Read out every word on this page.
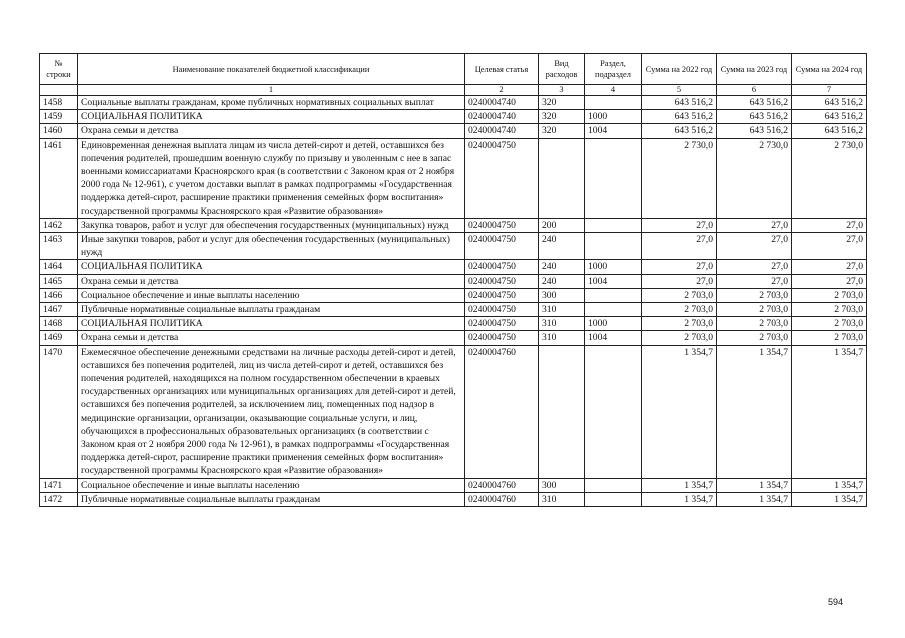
№ строки	Наименование показателей бюджетной классификации	Целевая статья	Вид расходов	Раздел, подраздел	Сумма на 2022 год	Сумма на 2023 год	Сумма на 2024 год
	1	2	3	4	5	6	7
1458	Социальные выплаты гражданам, кроме публичных нормативных социальных выплат	0240004740	320		643 516,2	643 516,2	643 516,2
1459	СОЦИАЛЬНАЯ ПОЛИТИКА	0240004740	320	1000	643 516,2	643 516,2	643 516,2
1460	Охрана семьи и детства	0240004740	320	1004	643 516,2	643 516,2	643 516,2
1461	Единовременная денежная выплата лицам из числа детей-сирот и детей, оставшихся без попечения родителей, прошедшим военную службу по призыву и уволенным с нее в запас военными комиссариатами Красноярского края (в соответствии с Законом края от 2 ноября 2000 года № 12-961), с учетом доставки выплат в рамках подпрограммы «Государственная поддержка детей-сирот, расширение практики применения семейных форм воспитания» государственной программы Красноярского края «Развитие образования»	0240004750			2 730,0	2 730,0	2 730,0
1462	Закупка товаров, работ и услуг для обеспечения государственных (муниципальных) нужд	0240004750	200		27,0	27,0	27,0
1463	Иные закупки товаров, работ и услуг для обеспечения государственных (муниципальных) нужд	0240004750	240		27,0	27,0	27,0
1464	СОЦИАЛЬНАЯ ПОЛИТИКА	0240004750	240	1000	27,0	27,0	27,0
1465	Охрана семьи и детства	0240004750	240	1004	27,0	27,0	27,0
1466	Социальное обеспечение и иные выплаты населению	0240004750	300		2 703,0	2 703,0	2 703,0
1467	Публичные нормативные социальные выплаты гражданам	0240004750	310		2 703,0	2 703,0	2 703,0
1468	СОЦИАЛЬНАЯ ПОЛИТИКА	0240004750	310	1000	2 703,0	2 703,0	2 703,0
1469	Охрана семьи и детства	0240004750	310	1004	2 703,0	2 703,0	2 703,0
1470	Ежемесячное обеспечение денежными средствами на личные расходы детей-сирот и детей, оставшихся без попечения родителей, лиц из числа детей-сирот и детей, оставшихся без попечения родителей, находящихся на полном государственном обеспечении в краевых государственных организациях или муниципальных организациях для детей-сирот и детей, оставшихся без попечения родителей, за исключением лиц, помещенных под надзор в медицинские организации, организации, оказывающие социальные услуги, и лиц, обучающихся в профессиональных образовательных организациях (в соответствии с Законом края от 2 ноября 2000 года № 12-961), в рамках подпрограммы «Государственная поддержка детей-сирот, расширение практики применения семейных форм воспитания» государственной программы Красноярского края «Развитие образования»	0240004760			1 354,7	1 354,7	1 354,7
1471	Социальное обеспечение и иные выплаты населению	0240004760	300		1 354,7	1 354,7	1 354,7
1472	Публичные нормативные социальные выплаты гражданам	0240004760	310		1 354,7	1 354,7	1 354,7
594
